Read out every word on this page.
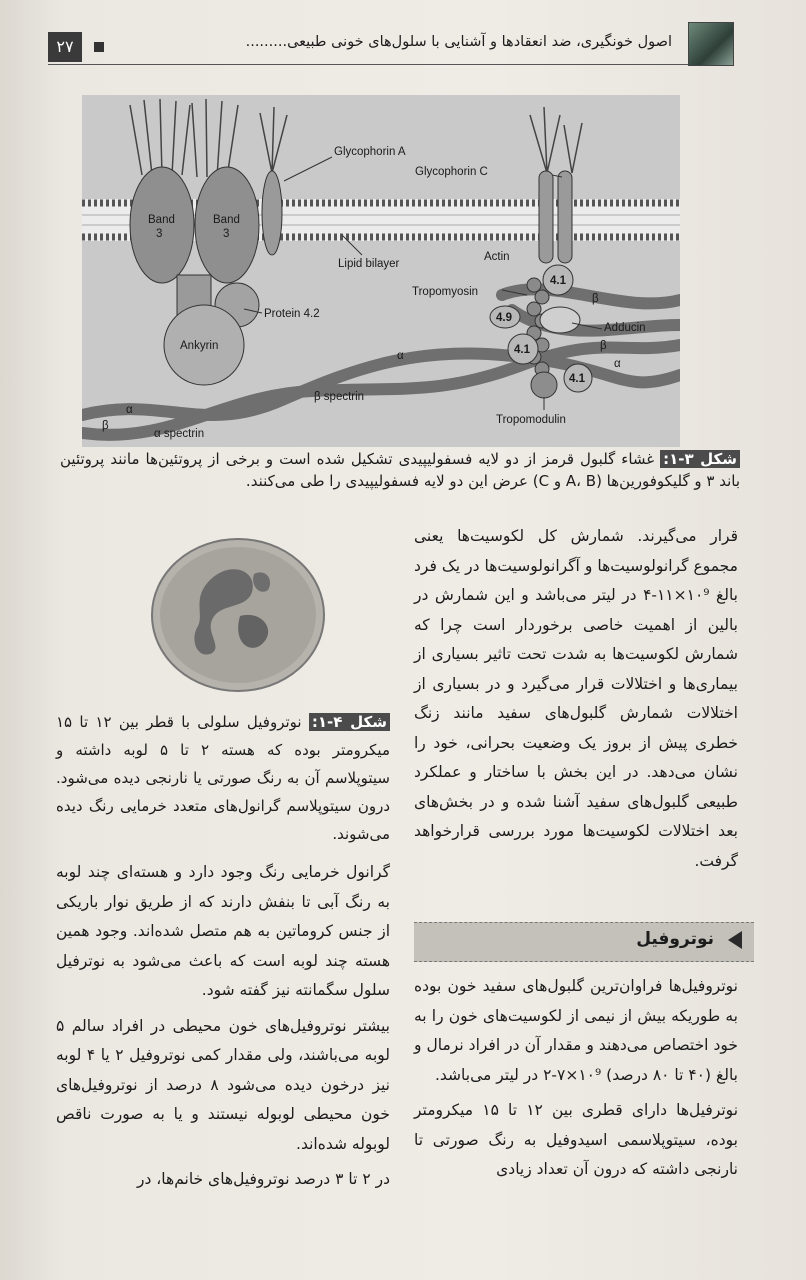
۲۷	اصول خونگیری، ضد انعقادها و آشنایی با سلول‌های خونی طبیعی.........
Glycophorin A
Glycophorin C
Band
3
Band
3
Lipid bilayer
Actin
Tropomyosin
Protein 4.2
Ankyrin
Adducin
4.1
4.9
4.1
4.1
β spectrin
α spectrin
Tropomodulin
α
α
α
β
β
β
شکل ۳-۱: غشاء گلبول قرمز از دو لایه فسفولیپیدی تشکیل شده است و برخی از پروتئین‌ها مانند پروتئین باند ۳ و گلیکوفورین‌ها (A، B و C) عرض این دو لایه فسفولیپیدی را طی می‌کنند.
شکل ۴-۱: نوتروفیل سلولی با قطر بین ۱۲ تا ۱۵ میکرومتر بوده که هسته ۲ تا ۵ لوبه داشته و سیتوپلاسم آن به رنگ صورتی یا نارنجی دیده می‌شود. درون سیتوپلاسم گرانول‌های متعدد خرمایی رنگ دیده می‌شوند.

قرار می‌گیرند. شمارش کل لکوسیت‌ها یعنی مجموع گرانولوسیت‌ها و آگرانولوسیت‌ها در یک فرد بالغ ۱۰⁹×۱۱-۴ در لیتر می‌باشد و این شمارش در بالین از اهمیت خاصی برخوردار است چرا که شمارش لکوسیت‌ها به شدت تحت تاثیر بسیاری از بیماری‌ها و اختلالات قرار می‌گیرد و در بسیاری از اختلالات شمارش گلبول‌های سفید مانند زنگ خطری پیش از بروز یک وضعیت بحرانی، خود را نشان می‌دهد. در این بخش با ساختار و عملکرد طبیعی گلبول‌های سفید آشنا شده و در بخش‌های بعد اختلالات لکوسیت‌ها مورد بررسی قرارخواهد گرفت.

نوتروفیل

نوتروفیل‌ها فراوان‌ترین گلبول‌های سفید خون بوده به طوریکه بیش از نیمی از لکوسیت‌های خون را به خود اختصاص می‌دهند و مقدار آن در افراد نرمال و بالغ (۴۰ تا ۸۰ درصد) ۱۰⁹×۷-۲ در لیتر می‌باشد.

نوترفیل‌ها دارای قطری بین ۱۲ تا ۱۵ میکرومتر بوده، سیتوپلاسمی اسیدوفیل به رنگ صورتی تا نارنجی داشته که درون آن تعداد زیادی

گرانول خرمایی رنگ وجود دارد و هسته‌ای چند لوبه به رنگ آبی تا بنفش دارند که از طریق نوار باریکی از جنس کروماتین به هم متصل شده‌اند. وجود همین هسته چند لوبه است که باعث می‌شود به نوترفیل سلول سگمانته نیز گفته شود.

بیشتر نوتروفیل‌های خون محیطی در افراد سالم ۵ لوبه می‌باشند، ولی مقدار کمی نوتروفیل ۲ یا ۴ لوبه نیز درخون دیده می‌شود ۸ درصد از نوتروفیل‌های خون محیطی لوبوله نیستند و یا به صورت ناقص لوبوله شده‌اند.

در ۲ تا ۳ درصد نوتروفیل‌های خانم‌ها، در
